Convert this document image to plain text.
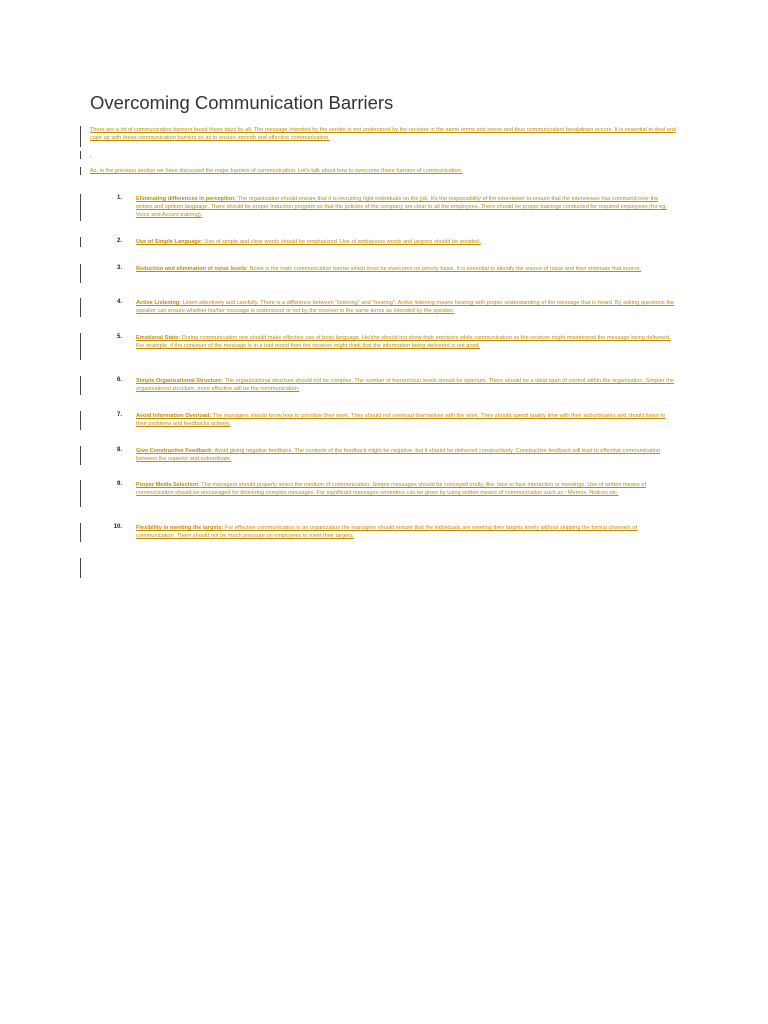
Overcoming Communication Barriers
There are a lot of communication barriers faced these days by all. The message intended by the sender is not understood by the receiver in the same terms and sense and thus communication breakdown occurs. It is essential to deal and cope up with these communication barriers so as to ensure smooth and effective communication.
.
As, in the previous section we have discussed the major barriers of communication. Let's talk about how to overcome these barriers of communication.
1.	Eliminating differences in perception: The organization should ensure that it is recruiting right individuals on the job. It's the responsibility of the interviewer to ensure that the interviewee has command over the written and spoken language. There should be proper Induction program so that the policies of the company are clear to all the employees. There should be proper trainings conducted for required employees (for eg: Voice and Accent training).
2.	Use of Simple Language: Use of simple and clear words should be emphasized. Use of ambiguous words and jargons should be avoided.
3.	Reduction and elimination of noise levels: Noise is the main communication barrier which must be overcome on priority basis. It is essential to identify the source of noise and then eliminate that source.
4.	Active Listening: Listen attentively and carefully. There is a difference between "listening" and "hearing". Active listening means hearing with proper understanding of the message that is heard. By asking questions the speaker can ensure whether his/her message is understood or not by the receiver in the same terms as intended by the speaker.
5.	Emotional State: During communication one should make effective use of body language. He/she should not show their emotions while communication as the receiver might misinterpret the message being delivered. For example, if the conveyer of the message is in a bad mood then the receiver might think that the information being delivered is not good.
6.	Simple Organizational Structure: The organizational structure should not be complex. The number of hierarchical levels should be optimum. There should be a ideal span of control within the organization. Simpler the organizational structure, more effective will be the communication.
7.	Avoid Information Overload: The managers should know how to prioritize their work. They should not overload themselves with the work. They should spend quality time with their subordinates and should listen to their problems and feedbacks actively.
8.	Give Constructive Feedback: Avoid giving negative feedback. The contents of the feedback might be negative, but it should be delivered constructively. Constructive feedback will lead to effective communication between the superior and subordinate.
9.	Proper Media Selection: The managers should properly select the medium of communication. Simple messages should be conveyed orally, like: face to face interaction or meetings. Use of written means of communication should be encouraged for delivering complex messages. For significant messages reminders can be given by using written means of communication such as : Memos, Notices etc.
10.	Flexibility in meeting the targets: For effective communication in an organization the managers should ensure that the individuals are meeting their targets timely without skipping the formal channels of communication. There should not be much pressure on employees to meet their targets.
